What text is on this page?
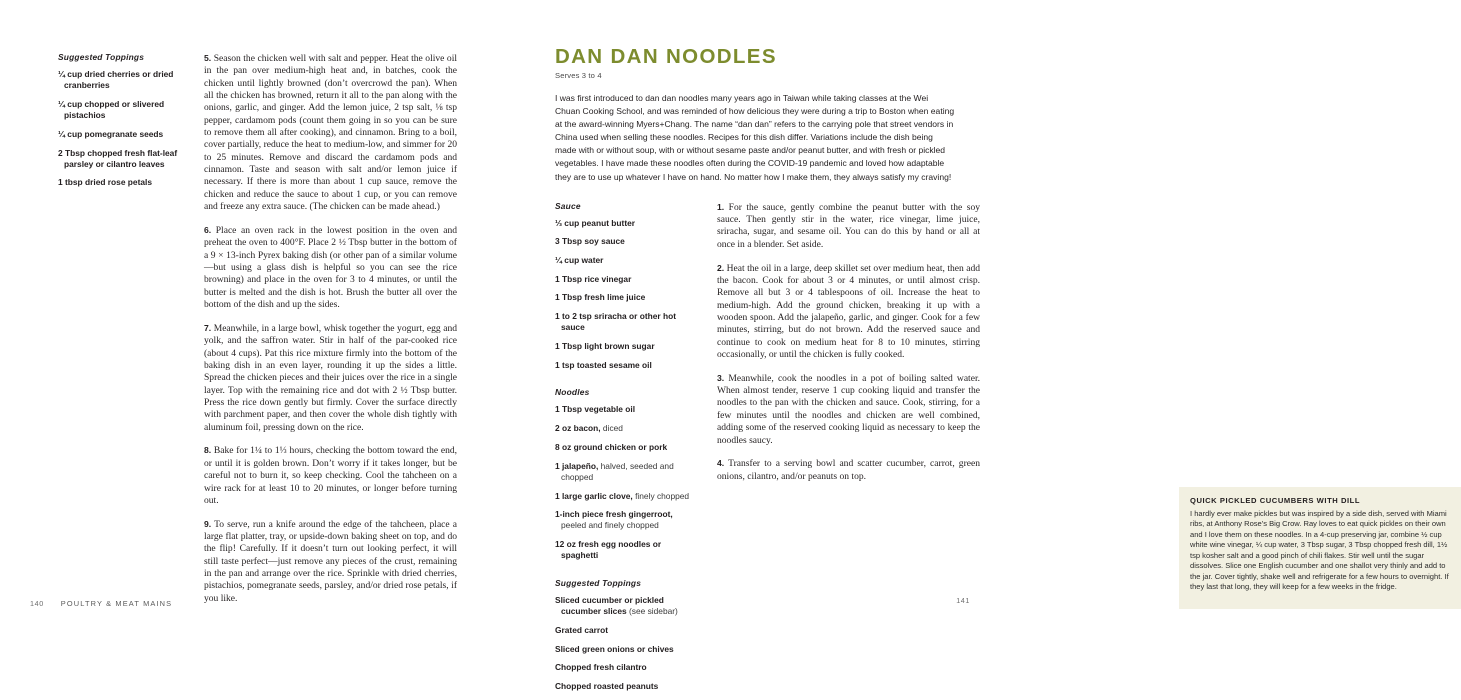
Suggested Toppings
¼ cup dried cherries or dried cranberries
¼ cup chopped or slivered pistachios
¼ cup pomegranate seeds
2 Tbsp chopped fresh flat-leaf parsley or cilantro leaves
1 tbsp dried rose petals

5. Season the chicken well with salt and pepper. Heat the olive oil in the pan over medium-high heat and, in batches, cook the chicken until lightly browned (don’t overcrowd the pan). When all the chicken has browned, return it all to the pan along with the onions, garlic, and ginger. Add the lemon juice, 2 tsp salt, ⅛ tsp pepper, cardamom pods (count them going in so you can be sure to remove them all after cooking), and cinnamon. Bring to a boil, cover partially, reduce the heat to medium-low, and simmer for 20 to 25 minutes. Remove and discard the cardamom pods and cinnamon. Taste and season with salt and/or lemon juice if necessary. If there is more than about 1 cup sauce, remove the chicken and reduce the sauce to about 1 cup, or you can remove and freeze any extra sauce. (The chicken can be made ahead.)

6. Place an oven rack in the lowest position in the oven and preheat the oven to 400°F. Place 2 ½ Tbsp butter in the bottom of a 9 × 13-inch Pyrex baking dish (or other pan of a similar volume—but using a glass dish is helpful so you can see the rice browning) and place in the oven for 3 to 4 minutes, or until the butter is melted and the dish is hot. Brush the butter all over the bottom of the dish and up the sides.

7. Meanwhile, in a large bowl, whisk together the yogurt, egg and yolk, and the saffron water. Stir in half of the par-cooked rice (about 4 cups). Pat this rice mixture firmly into the bottom of the baking dish in an even layer, rounding it up the sides a little. Spread the chicken pieces and their juices over the rice in a single layer. Top with the remaining rice and dot with 2 ½ Tbsp butter. Press the rice down gently but firmly. Cover the surface directly with parchment paper, and then cover the whole dish tightly with aluminum foil, pressing down on the rice.

8. Bake for 1¼ to 1⅓ hours, checking the bottom toward the end, or until it is golden brown. Don’t worry if it takes longer, but be careful not to burn it, so keep checking. Cool the tahcheen on a wire rack for at least 10 to 20 minutes, or longer before turning out.

9. To serve, run a knife around the edge of the tahcheen, place a large flat platter, tray, or upside-down baking sheet on top, and do the flip! Carefully. If it doesn’t turn out looking perfect, it will still taste perfect—just remove any pieces of the crust, remaining in the pan and arrange over the rice. Sprinkle with dried cherries, pistachios, pomegranate seeds, parsley, and/or dried rose petals, if you like.

140 POULTRY & MEAT MAINS
DAN DAN NOODLES
Serves 3 to 4

I was first introduced to dan dan noodles many years ago in Taiwan while taking classes at the Wei Chuan Cooking School, and was reminded of how delicious they were during a trip to Boston when eating at the award-winning Myers+Chang. The name “dan dan” refers to the carrying pole that street vendors in China used when selling these noodles. Recipes for this dish differ. Variations include the dish being made with or without soup, with or without sesame paste and/or peanut butter, and with fresh or pickled vegetables. I have made these noodles often during the COVID-19 pandemic and loved how adaptable they are to use up whatever I have on hand. No matter how I make them, they always satisfy my craving!

Sauce
⅓ cup peanut butter
3 Tbsp soy sauce
¼ cup water
1 Tbsp rice vinegar
1 Tbsp fresh lime juice
1 to 2 tsp sriracha or other hot sauce
1 Tbsp light brown sugar
1 tsp toasted sesame oil
Noodles
1 Tbsp vegetable oil
2 oz bacon, diced
8 oz ground chicken or pork
1 jalapeño, halved, seeded and chopped
1 large garlic clove, finely chopped
1-inch piece fresh gingerroot, peeled and finely chopped
12 oz fresh egg noodles or spaghetti
Suggested Toppings
Sliced cucumber or pickled cucumber slices (see sidebar)
Grated carrot
Sliced green onions or chives
Chopped fresh cilantro
Chopped roasted peanuts

1. For the sauce, gently combine the peanut butter with the soy sauce. Then gently stir in the water, rice vinegar, lime juice, sriracha, sugar, and sesame oil. You can do this by hand or all at once in a blender. Set aside.

2. Heat the oil in a large, deep skillet set over medium heat, then add the bacon. Cook for about 3 or 4 minutes, or until almost crisp. Remove all but 3 or 4 tablespoons of oil. Increase the heat to medium-high. Add the ground chicken, breaking it up with a wooden spoon. Add the jalapeño, garlic, and ginger. Cook for a few minutes, stirring, but do not brown. Add the reserved sauce and continue to cook on medium heat for 8 to 10 minutes, stirring occasionally, or until the chicken is fully cooked.

3. Meanwhile, cook the noodles in a pot of boiling salted water. When almost tender, reserve 1 cup cooking liquid and transfer the noodles to the pan with the chicken and sauce. Cook, stirring, for a few minutes until the noodles and chicken are well combined, adding some of the reserved cooking liquid as necessary to keep the noodles saucy.

4. Transfer to a serving bowl and scatter cucumber, carrot, green onions, cilantro, and/or peanuts on top.

QUICK PICKLED CUCUMBERS WITH DILL
I hardly ever make pickles but was inspired by a side dish, served with Miami ribs, at Anthony Rose’s Big Crow. Ray loves to eat quick pickles on their own and I love them on these noodles. In a 4-cup preserving jar, combine ½ cup white wine vinegar, ¼ cup water, 3 Tbsp sugar, 3 Tbsp chopped fresh dill, 1½ tsp kosher salt and a good pinch of chili flakes. Stir well until the sugar dissolves. Slice one English cucumber and one shallot very thinly and add to the jar. Cover tightly, shake well and refrigerate for a few hours to overnight. If they last that long, they will keep for a few weeks in the fridge.
141
